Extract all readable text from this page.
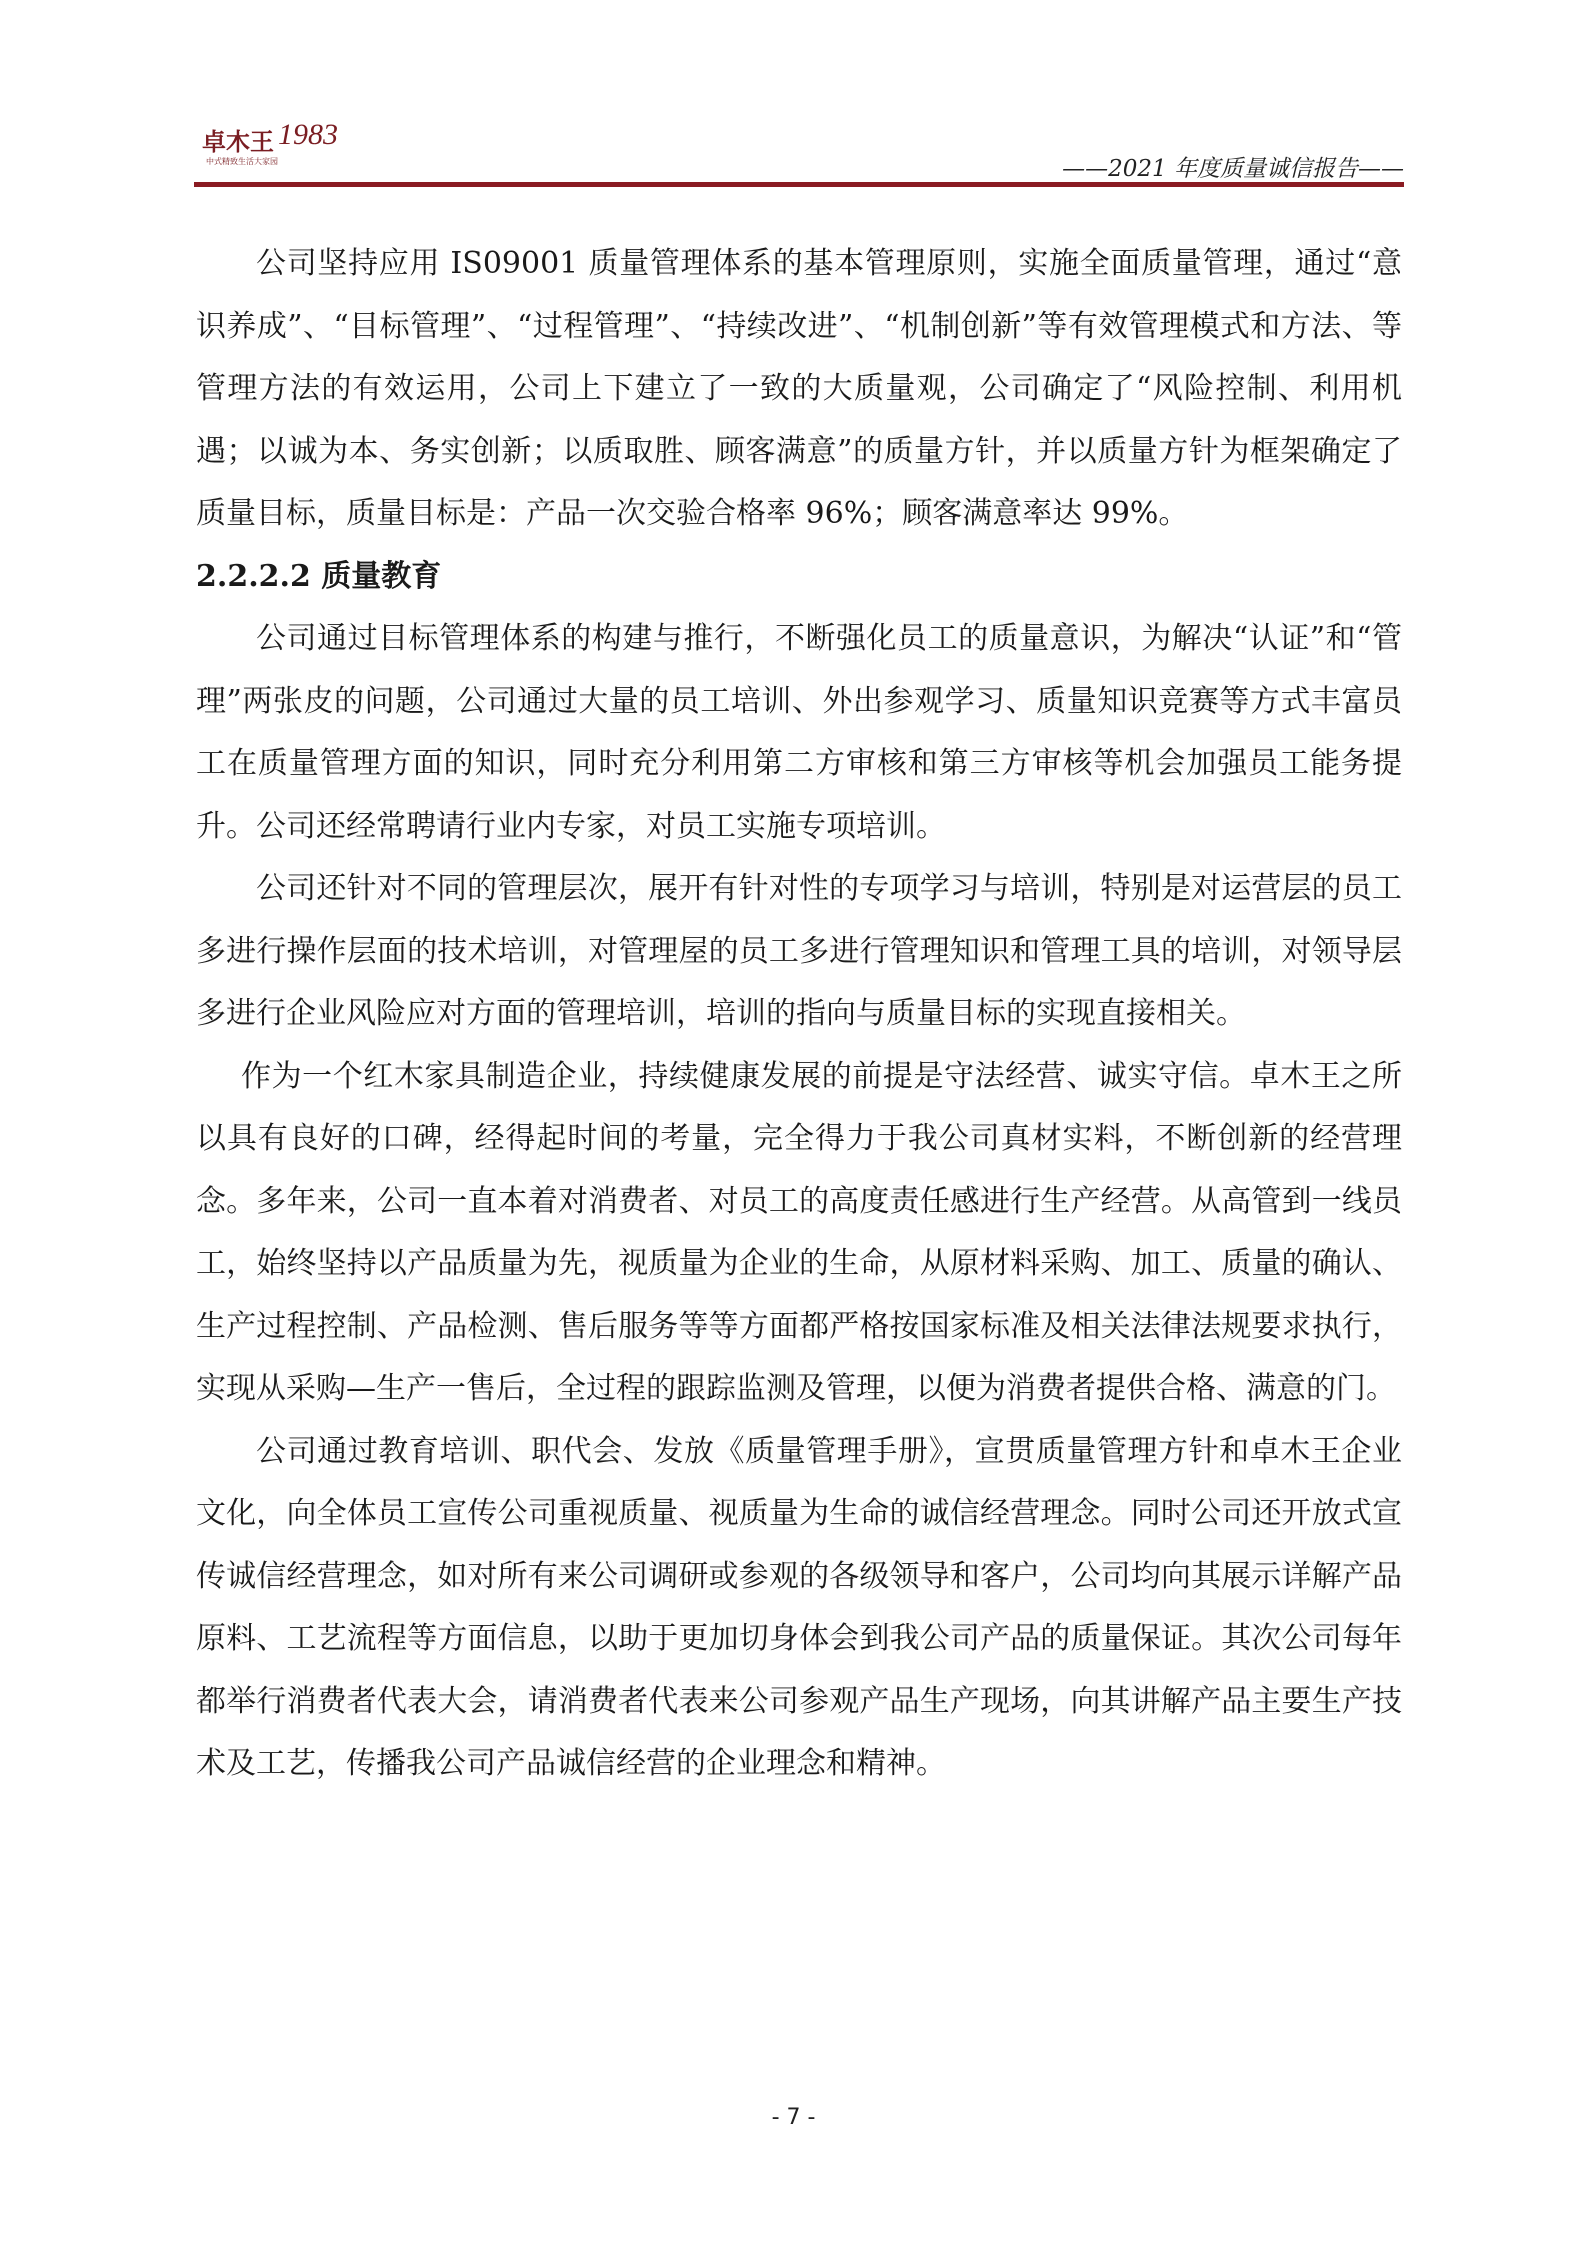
卓木王 1983
中式精致生活大家园	——2021 年度质量诚信报告——

公司坚持应用 IS09001 质量管理体系的基本管理原则，实施全面质量管理，通过“意识养成”、“目标管理”、“过程管理”、“持续改进”、“机制创新”等有效管理模式和方法、等管理方法的有效运用，公司上下建立了一致的大质量观，公司确定了“风险控制、利用机遇；以诚为本、务实创新；以质取胜、顾客满意”的质量方针，并以质量方针为框架确定了质量目标，质量目标是：产品一次交验合格率 96%；顾客满意率达 99%。

2.2.2.2 质量教育

公司通过目标管理体系的构建与推行，不断强化员工的质量意识，为解决“认证”和“管理”两张皮的问题，公司通过大量的员工培训、外出参观学习、质量知识竞赛等方式丰富员工在质量管理方面的知识，同时充分利用第二方审核和第三方审核等机会加强员工能务提升。公司还经常聘请行业内专家，对员工实施专项培训。

公司还针对不同的管理层次，展开有针对性的专项学习与培训，特别是对运营层的员工多进行操作层面的技术培训，对管理屋的员工多进行管理知识和管理工具的培训，对领导层多进行企业风险应对方面的管理培训，培训的指向与质量目标的实现直接相关。

作为一个红木家具制造企业，持续健康发展的前提是守法经营、诚实守信。卓木王之所以具有良好的口碑，经得起时间的考量，完全得力于我公司真材实料，不断创新的经营理念。多年来，公司一直本着对消费者、对员工的高度责任感进行生产经营。从高管到一线员工，始终坚持以产品质量为先，视质量为企业的生命，从原材料采购、加工、质量的确认、生产过程控制、产品检测、售后服务等等方面都严格按国家标准及相关法律法规要求执行，实现从采购—生产一售后，全过程的跟踪监测及管理，以便为消费者提供合格、满意的门。

公司通过教育培训、职代会、发放《质量管理手册》，宣贯质量管理方针和卓木王企业文化，向全体员工宣传公司重视质量、视质量为生命的诚信经营理念。同时公司还开放式宣传诚信经营理念，如对所有来公司调研或参观的各级领导和客户，公司均向其展示详解产品原料、工艺流程等方面信息，以助于更加切身体会到我公司产品的质量保证。其次公司每年都举行消费者代表大会，请消费者代表来公司参观产品生产现场，向其讲解产品主要生产技术及工艺，传播我公司产品诚信经营的企业理念和精神。

- 7 -
